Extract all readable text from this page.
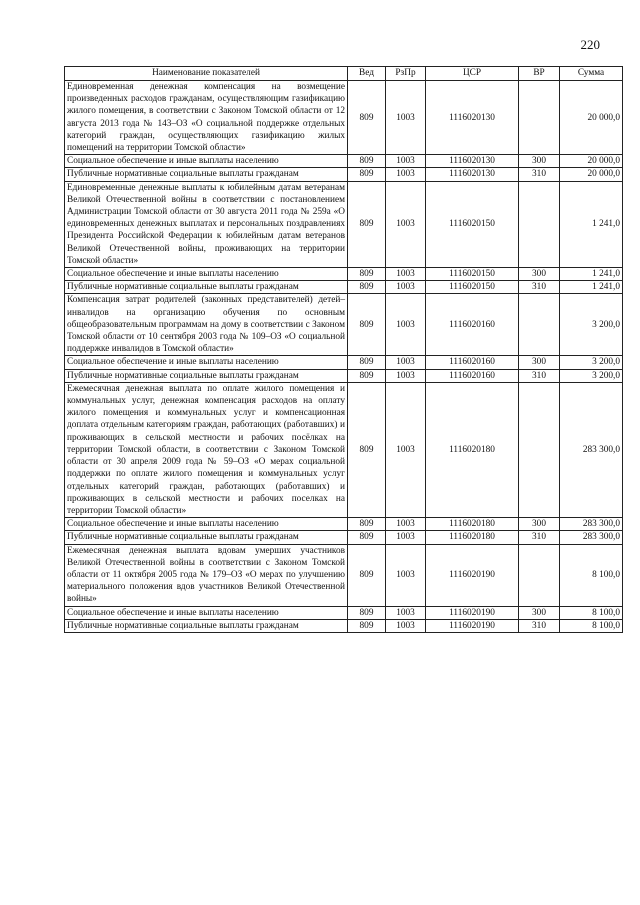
220
Наименование показателей	Вед	РзПр	ЦСР	ВР	Сумма
Единовременная денежная компенсация на возмещение произведенных расходов гражданам, осуществляющим газификацию жилого помещения, в соответствии с Законом Томской области от 12 августа 2013 года № 143–ОЗ «О социальной поддержке отдельных категорий граждан, осуществляющих газификацию жилых помещений на территории Томской области»	809	1003	1116020130		20 000,0
Социальное обеспечение и иные выплаты населению	809	1003	1116020130	300	20 000,0
Публичные нормативные социальные выплаты гражданам	809	1003	1116020130	310	20 000,0
Единовременные денежные выплаты к юбилейным датам ветеранам Великой Отечественной войны в соответствии с постановлением Администрации Томской области от 30 августа 2011 года № 259а «О единовременных денежных выплатах и персональных поздравлениях Президента Российской Федерации к юбилейным датам ветеранов Великой Отечественной войны, проживающих на территории Томской области»	809	1003	1116020150		1 241,0
Социальное обеспечение и иные выплаты населению	809	1003	1116020150	300	1 241,0
Публичные нормативные социальные выплаты гражданам	809	1003	1116020150	310	1 241,0
Компенсация затрат родителей (законных представителей) детей–инвалидов на организацию обучения по основным общеобразовательным программам на дому в соответствии с Законом Томской области от 10 сентября 2003 года № 109–ОЗ «О социальной поддержке инвалидов в Томской области»	809	1003	1116020160		3 200,0
Социальное обеспечение и иные выплаты населению	809	1003	1116020160	300	3 200,0
Публичные нормативные социальные выплаты гражданам	809	1003	1116020160	310	3 200,0
Ежемесячная денежная выплата по оплате жилого помещения и коммунальных услуг, денежная компенсация расходов на оплату жилого помещения и коммунальных услуг и компенсационная доплата отдельным категориям граждан, работающих (работавших) и проживающих в сельской местности и рабочих посёлках на территории Томской области, в соответствии с Законом Томской области от 30 апреля 2009 года № 59–ОЗ «О мерах социальной поддержки по оплате жилого помещения и коммунальных услуг отдельных категорий граждан, работающих (работавших) и проживающих в сельской местности и рабочих поселках на территории Томской области»	809	1003	1116020180		283 300,0
Социальное обеспечение и иные выплаты населению	809	1003	1116020180	300	283 300,0
Публичные нормативные социальные выплаты гражданам	809	1003	1116020180	310	283 300,0
Ежемесячная денежная выплата вдовам умерших участников Великой Отечественной войны в соответствии с Законом Томской области от 11 октября 2005 года № 179–ОЗ «О мерах по улучшению материального положения вдов участников Великой Отечественной войны»	809	1003	1116020190		8 100,0
Социальное обеспечение и иные выплаты населению	809	1003	1116020190	300	8 100,0
Публичные нормативные социальные выплаты гражданам	809	1003	1116020190	310	8 100,0
